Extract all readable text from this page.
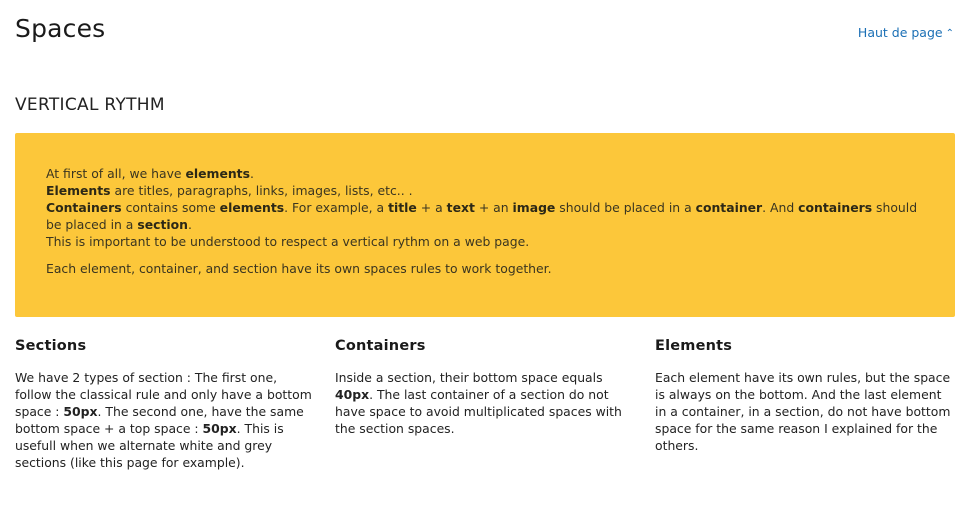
Spaces	Haut de page ⌃
VERTICAL RYTHM

At first of all, we have elements.

Elements are titles, paragraphs, links, images, lists, etc.. .

Containers contains some elements. For example, a title + a text + an image should be placed in a container. And containers should be placed in a section.

This is important to be understood to respect a vertical rythm on a web page.

Each element, container, and section have its own spaces rules to work together.

Sections

We have 2 types of section : The first one, follow the classical rule and only have a bottom space : 50px. The second one, have the same bottom space + a top space : 50px. This is usefull when we alternate white and grey sections (like this page for example).

Containers

Inside a section, their bottom space equals 40px. The last container of a section do not have space to avoid multiplicated spaces with the section spaces.

Elements

Each element have its own rules, but the space is always on the bottom. And the last element in a container, in a section, do not have bottom space for the same reason I explained for the others.
